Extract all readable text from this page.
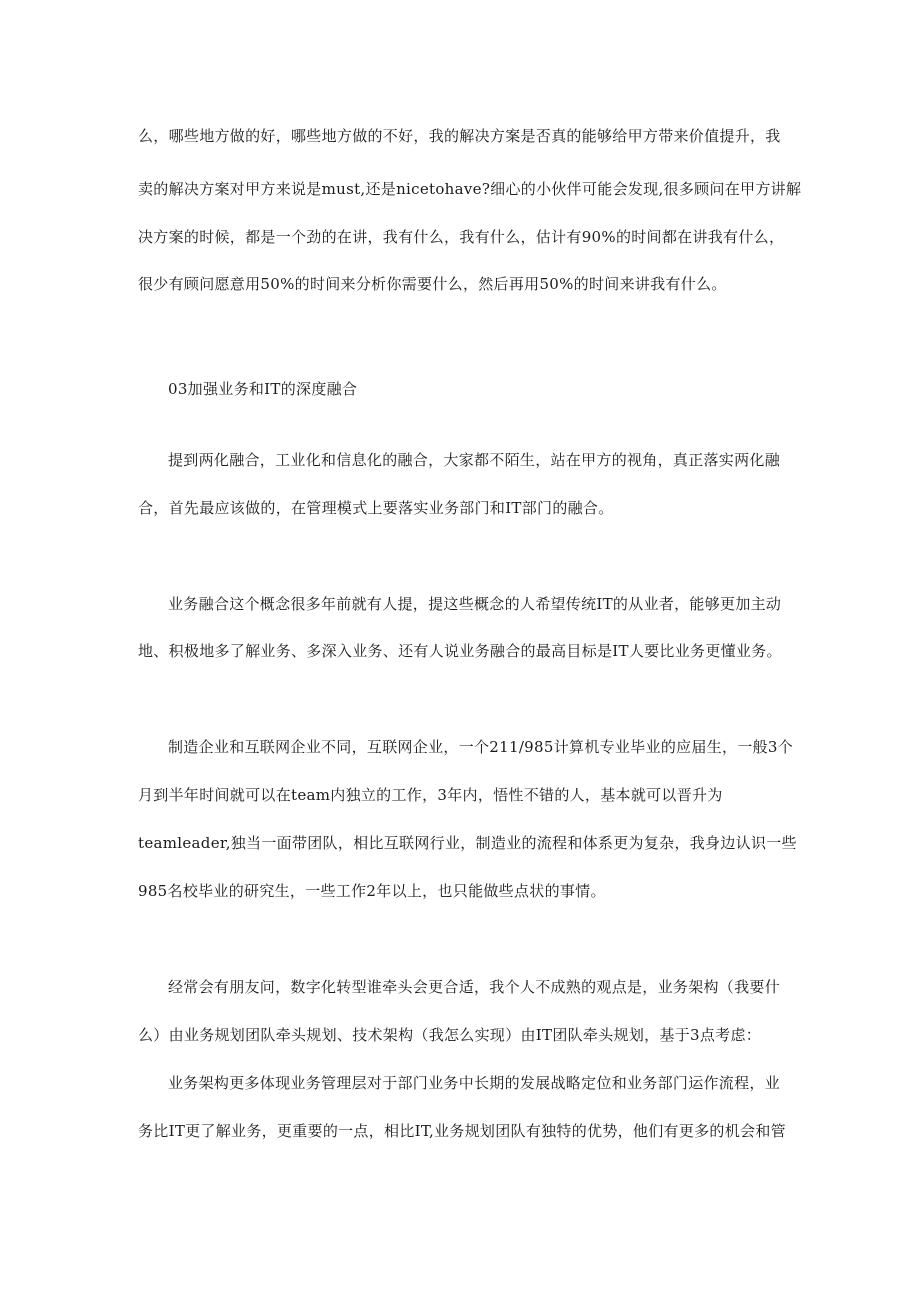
么，哪些地方做的好，哪些地方做的不好，我的解决方案是否真的能够给甲方带来价值提升，我
卖的解决方案对甲方来说是must,还是nicetohave?细心的小伙伴可能会发现,很多顾问在甲方讲解
决方案的时候，都是一个劲的在讲，我有什么，我有什么，估计有90%的时间都在讲我有什么，
很少有顾问愿意用50%的时间来分析你需要什么，然后再用50%的时间来讲我有什么。
03加强业务和IT的深度融合
提到两化融合，工业化和信息化的融合，大家都不陌生，站在甲方的视角，真正落实两化融
合，首先最应该做的，在管理模式上要落实业务部门和IT部门的融合。
业务融合这个概念很多年前就有人提，提这些概念的人希望传统IT的从业者，能够更加主动
地、积极地多了解业务、多深入业务、还有人说业务融合的最高目标是IT人要比业务更懂业务。
制造企业和互联网企业不同，互联网企业，一个211/985计算机专业毕业的应届生，一般3个
月到半年时间就可以在team内独立的工作，3年内，悟性不错的人，基本就可以晋升为
teamleader,独当一面带团队，相比互联网行业，制造业的流程和体系更为复杂，我身边认识一些
985名校毕业的研究生，一些工作2年以上，也只能做些点状的事情。
经常会有朋友问，数字化转型谁牵头会更合适，我个人不成熟的观点是，业务架构（我要什
么）由业务规划团队牵头规划、技术架构（我怎么实现）由IT团队牵头规划，基于3点考虑：
业务架构更多体现业务管理层对于部门业务中长期的发展战略定位和业务部门运作流程，业
务比IT更了解业务，更重要的一点，相比IT,业务规划团队有独特的优势，他们有更多的机会和管
